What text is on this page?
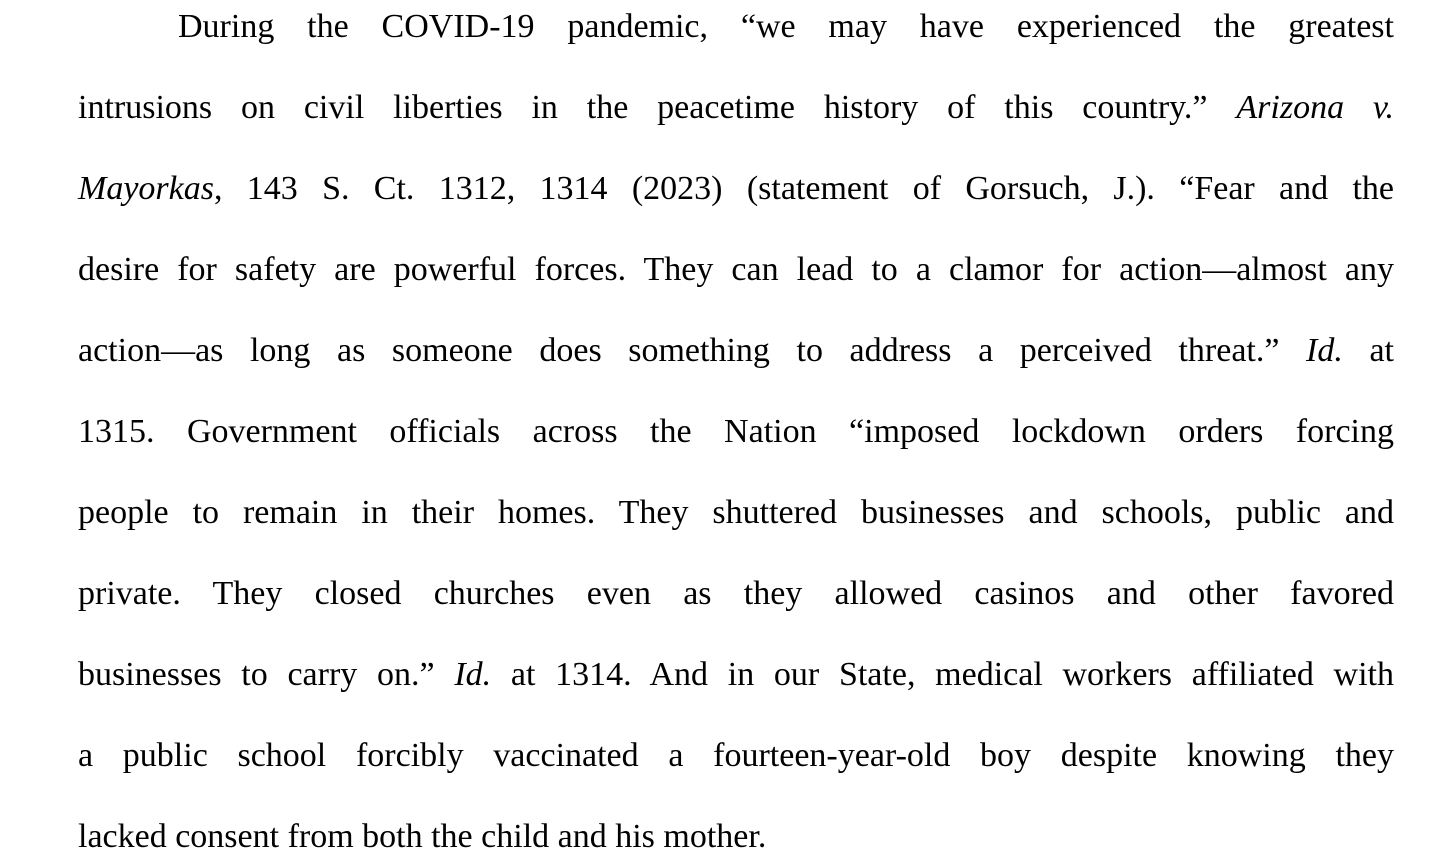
During the COVID-19 pandemic, “we may have experienced the greatest
intrusions on civil liberties in the peacetime history of this country.” Arizona v.
Mayorkas, 143 S. Ct. 1312, 1314 (2023) (statement of Gorsuch, J.). “Fear and the
desire for safety are powerful forces. They can lead to a clamor for action—almost any
action—as long as someone does something to address a perceived threat.” Id. at
1315. Government officials across the Nation “imposed lockdown orders forcing
people to remain in their homes. They shuttered businesses and schools, public and
private. They closed churches even as they allowed casinos and other favored
businesses to carry on.” Id. at 1314. And in our State, medical workers affiliated with
a public school forcibly vaccinated a fourteen-year-old boy despite knowing they
lacked consent from both the child and his mother.
